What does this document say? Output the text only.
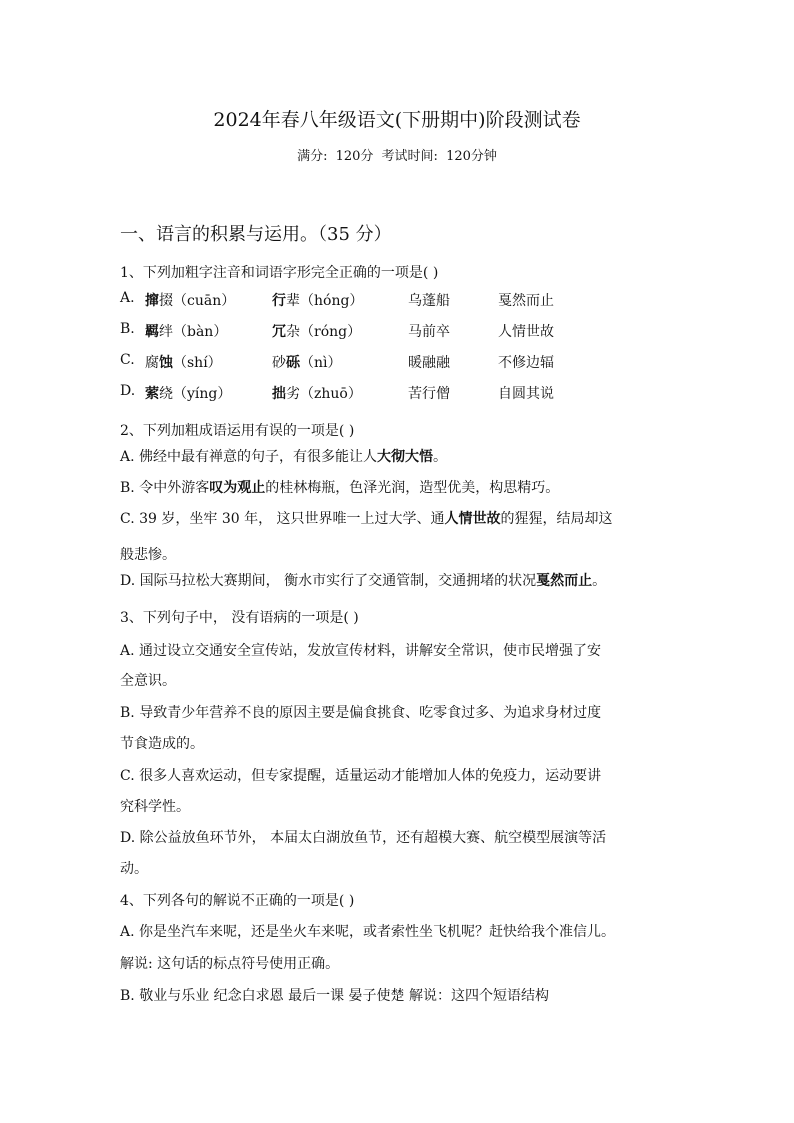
2024年春八年级语文(下册期中)阶段测试卷
满分: 120分 考试时间: 120分钟
一、语言的积累与运用。（35 分）
1、下列加粗字注音和词语字形完全正确的一项是( )
A. 撺掇（cuān）	行辈（hóng）	乌蓬船	戛然而止
B. 羁绊（bàn）	冗杂（róng）	马前卒	人情世故
C. 腐蚀（shí）	砂砾（nì）	暖融融	不修边辐
D. 萦绕（yíng）	拙劣（zhuō）	苦行僧	自圆其说
2、下列加粗成语运用有误的一项是( )
A. 佛经中最有禅意的句子，有很多能让人大彻大悟。
B. 令中外游客叹为观止的桂林梅瓶，色泽光润，造型优美，构思精巧。
C. 39 岁，坐牢 30 年， 这只世界唯一上过大学、通人情世故的猩猩，结局却这
般悲惨。
D. 国际马拉松大赛期间， 衡水市实行了交通管制，交通拥堵的状况戛然而止。
3、下列句子中， 没有语病的一项是( )
A. 通过设立交通安全宣传站，发放宣传材料，讲解安全常识，使市民增强了安
全意识。
B. 导致青少年营养不良的原因主要是偏食挑食、吃零食过多、为追求身材过度
节食造成的。
C. 很多人喜欢运动，但专家提醒，适量运动才能增加人体的免疫力，运动要讲
究科学性。
D. 除公益放鱼环节外， 本届太白湖放鱼节，还有超模大赛、航空模型展演等活
动。
4、下列各句的解说不正确的一项是( )
A. 你是坐汽车来呢，还是坐火车来呢，或者索性坐飞机呢？赶快给我个准信儿。
解说: 这句话的标点符号使用正确。
B. 敬业与乐业 纪念白求恩 最后一课 晏子使楚 解说：这四个短语结构
